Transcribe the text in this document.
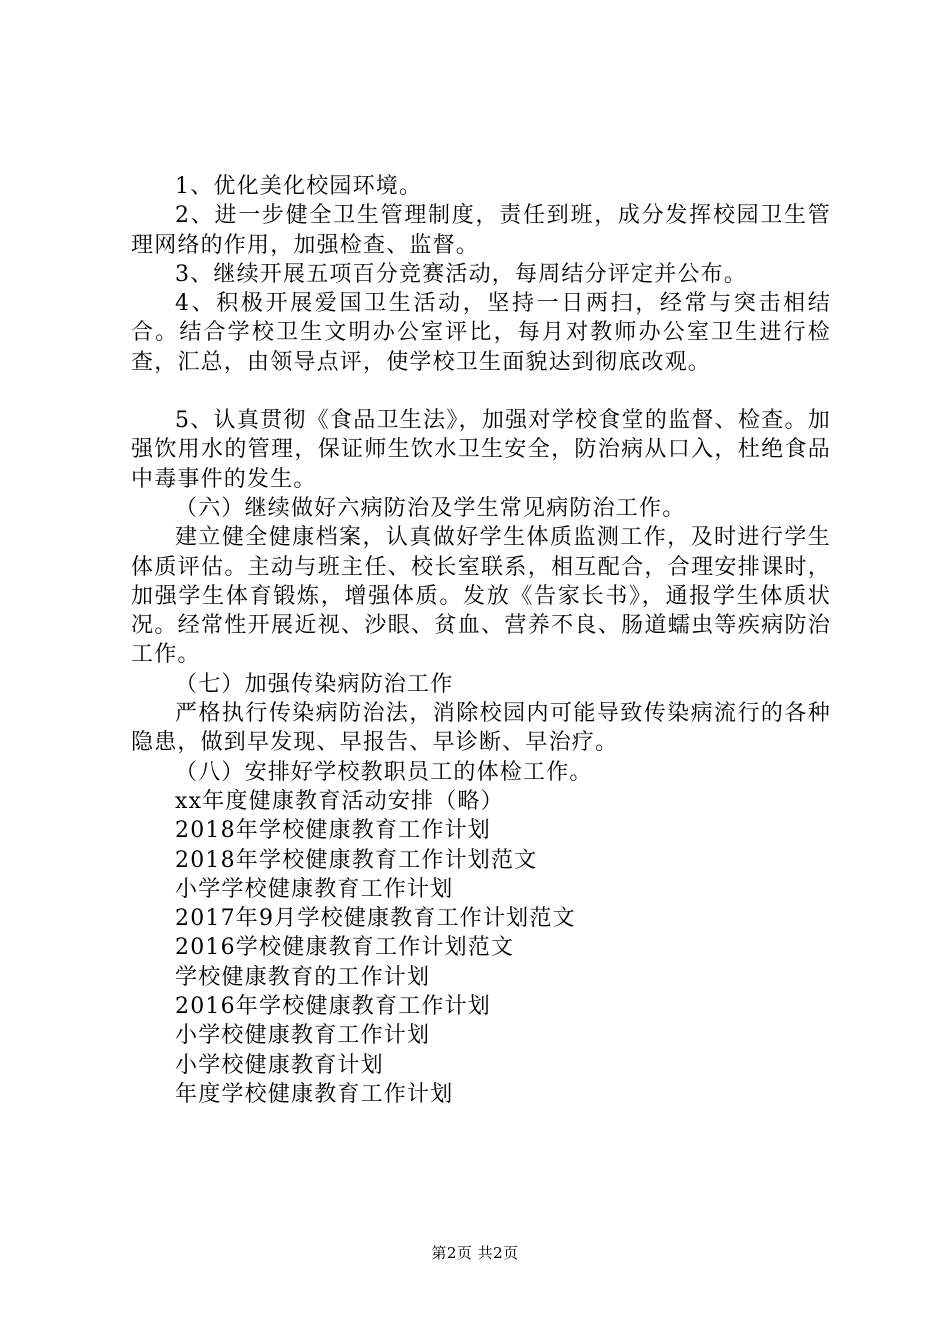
1、优化美化校园环境。

2、进一步健全卫生管理制度，责任到班，成分发挥校园卫生管理网络的作用，加强检查、监督。

3、继续开展五项百分竞赛活动，每周结分评定并公布。

4、积极开展爱国卫生活动，坚持一日两扫，经常与突击相结合。结合学校卫生文明办公室评比，每月对教师办公室卫生进行检查，汇总，由领导点评，使学校卫生面貌达到彻底改观。

5、认真贯彻《食品卫生法》，加强对学校食堂的监督、检查。加强饮用水的管理，保证师生饮水卫生安全，防治病从口入，杜绝食品中毒事件的发生。

（六）继续做好六病防治及学生常见病防治工作。

建立健全健康档案，认真做好学生体质监测工作，及时进行学生体质评估。主动与班主任、校长室联系，相互配合，合理安排课时，加强学生体育锻炼，增强体质。发放《告家长书》，通报学生体质状况。经常性开展近视、沙眼、贫血、营养不良、肠道蠕虫等疾病防治工作。

（七）加强传染病防治工作

严格执行传染病防治法，消除校园内可能导致传染病流行的各种隐患，做到早发现、早报告、早诊断、早治疗。

（八）安排好学校教职员工的体检工作。

xx年度健康教育活动安排（略）

2018年学校健康教育工作计划

2018年学校健康教育工作计划范文

小学学校健康教育工作计划

2017年9月学校健康教育工作计划范文

2016学校健康教育工作计划范文

学校健康教育的工作计划

2016年学校健康教育工作计划

小学校健康教育工作计划

小学校健康教育计划

年度学校健康教育工作计划

第2页 共2页
